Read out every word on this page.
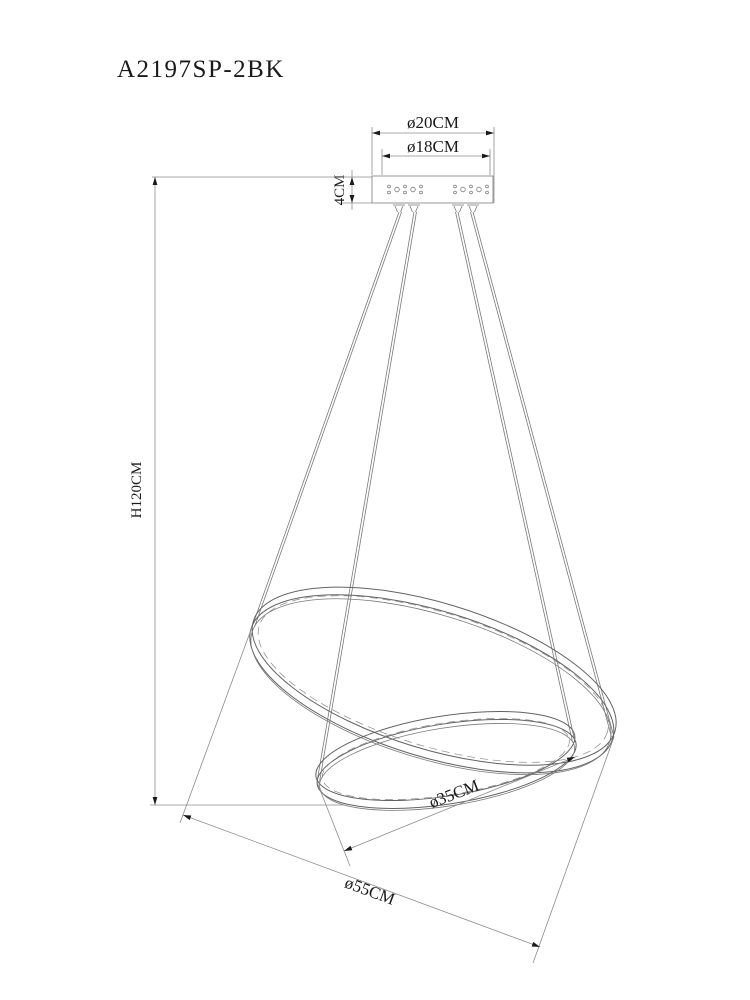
A2197SP-2BK
ø20CM
ø18CM
4CM
H120CM
ø35CM
ø55CM
